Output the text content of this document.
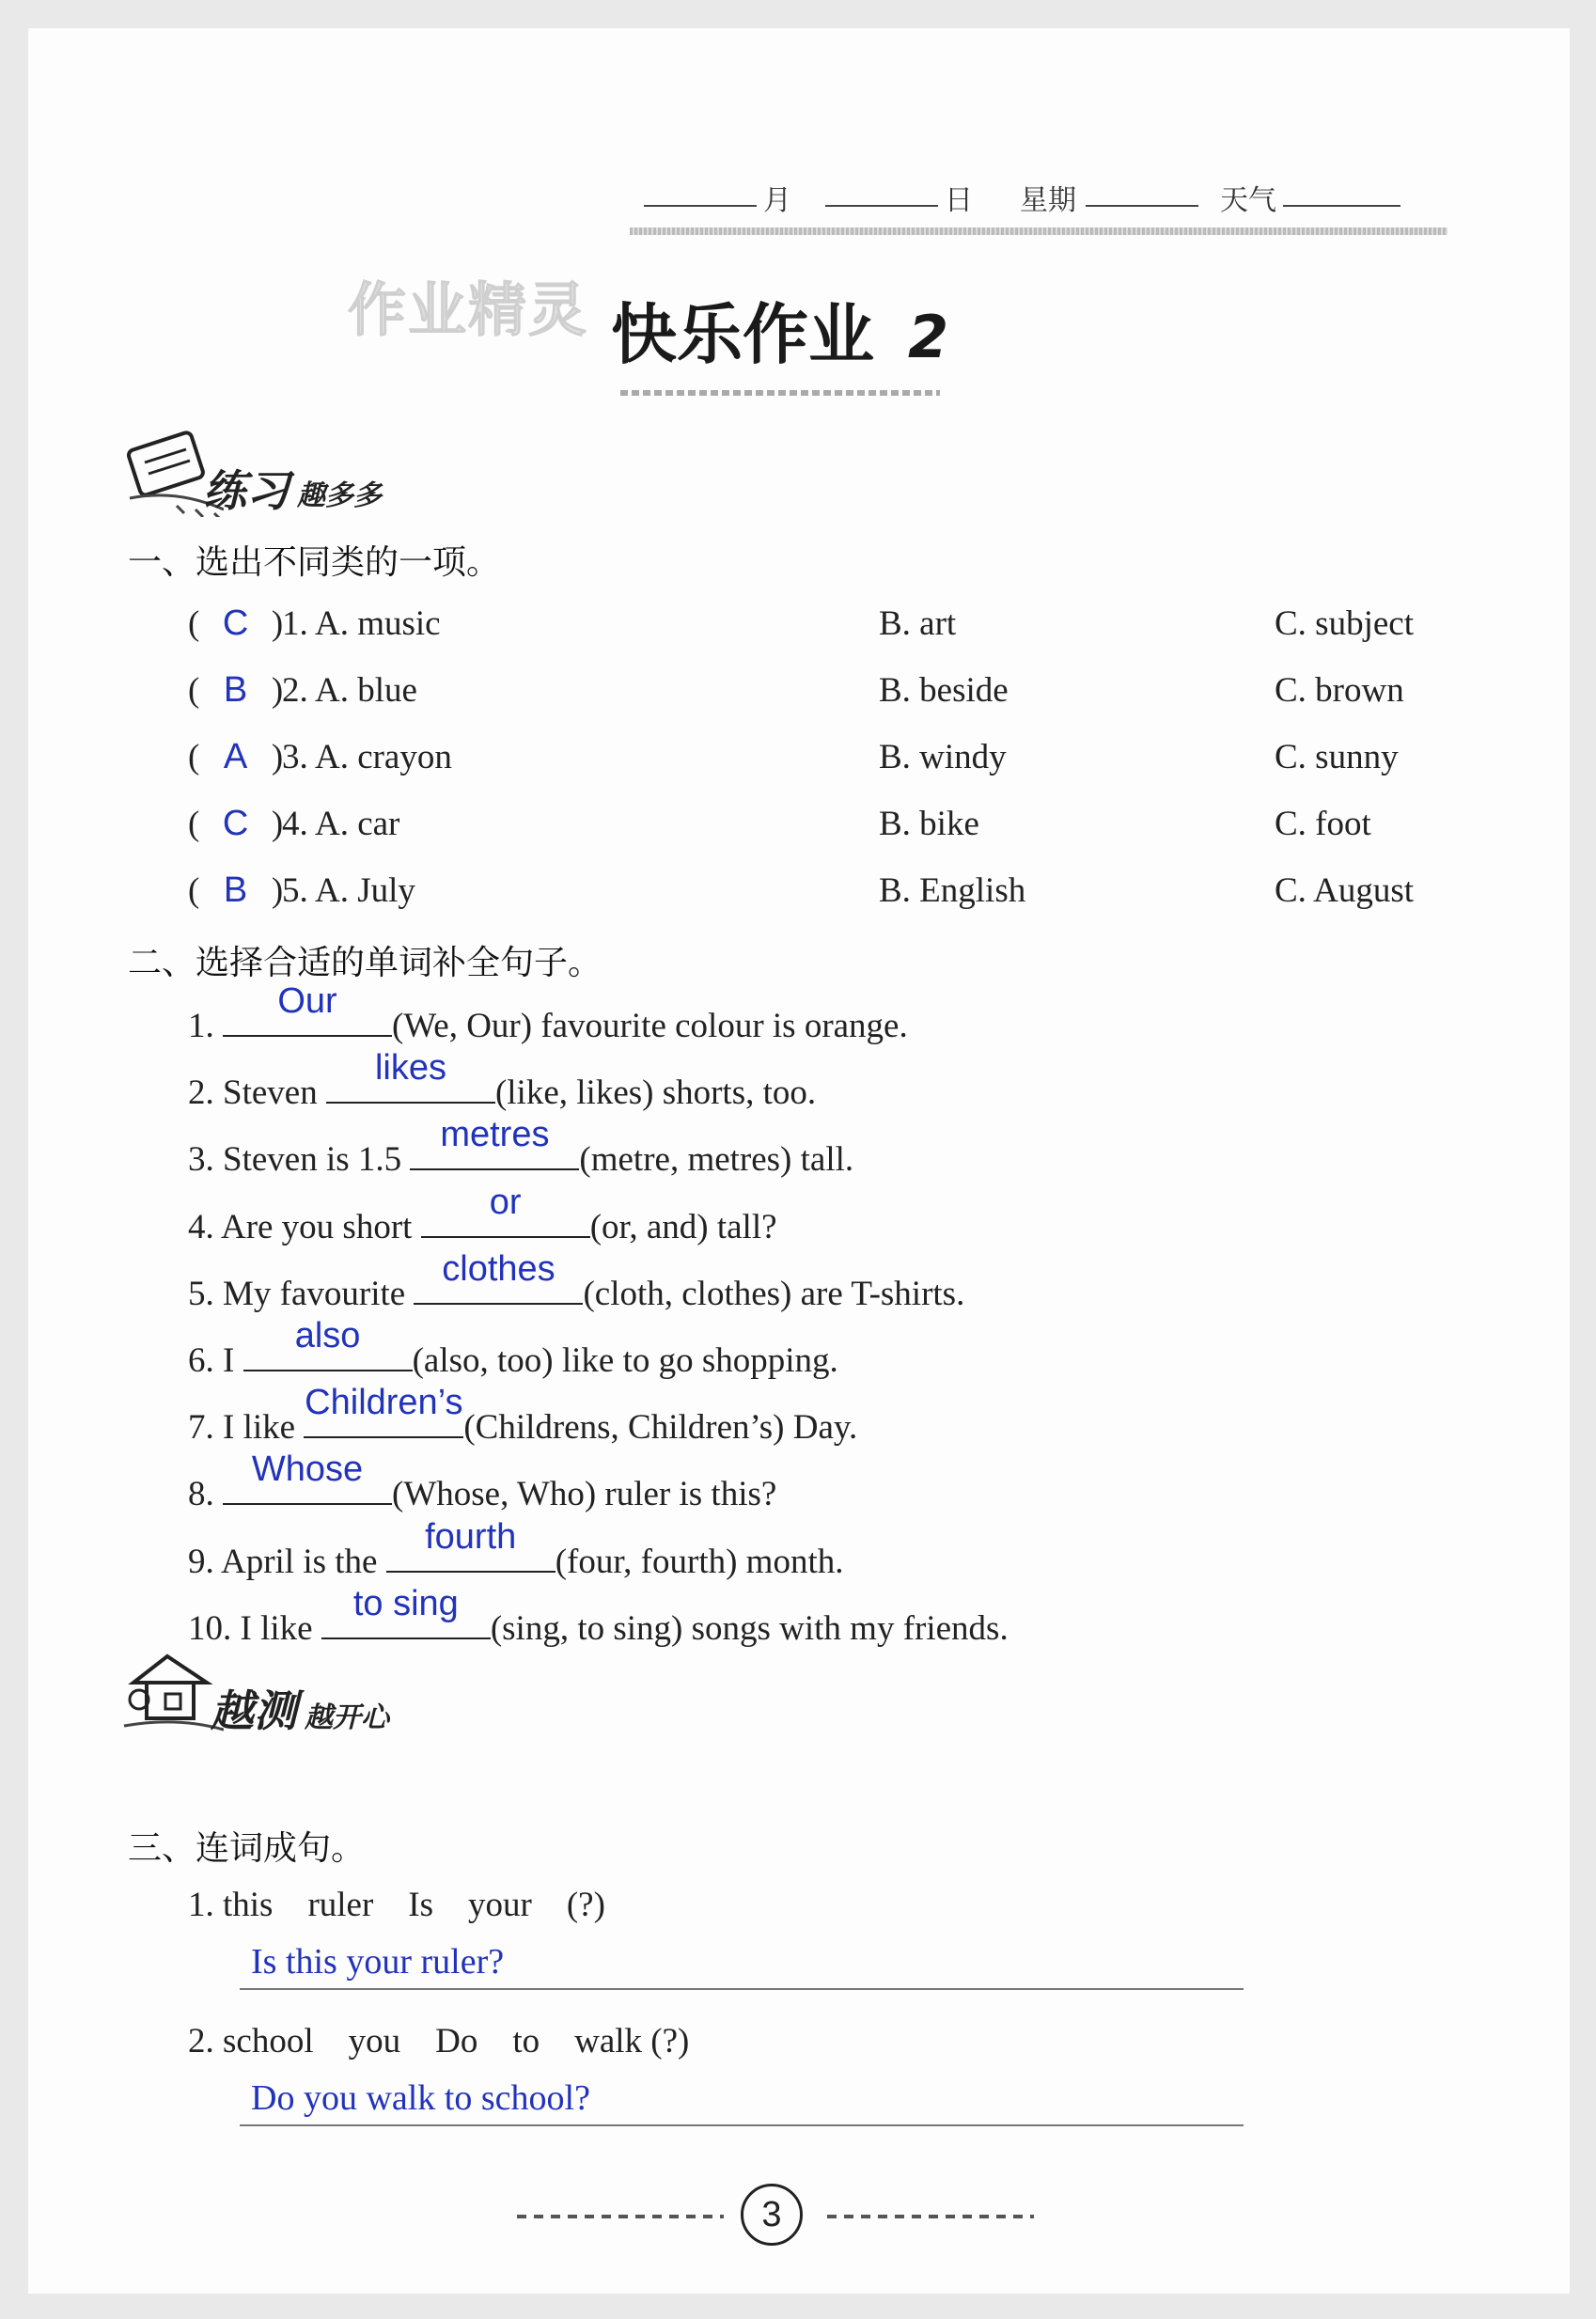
月	日 星期	天气
作业精灵 快乐作业 2
练习 趣多多
一、选出不同类的一项。
( C )1. A. music	B. art	C. subject
( B )2. A. blue	B. beside	C. brown
( A )3. A. crayon	B. windy	C. sunny
( C )4. A. car	B. bike	C. foot
( B )5. A. July	B. English	C. August
二、选择合适的单词补全句子。
1.
Our
(We, Our) favourite colour is orange.
2. Steven
likes
(like, likes) shorts, too.
3. Steven is 1.5
metres
(metre, metres) tall.
4. Are you short
or
(or, and) tall?
5. My favourite
clothes
(cloth, clothes) are T-shirts.
6. I
also
(also, too) like to go shopping.
7. I like
Children’s
(Childrens, Children’s) Day.
8.
Whose
(Whose, Who) ruler is this?
9. April is the
fourth
(four, fourth) month.
10. I like
to sing
(sing, to sing) songs with my friends.
越测 越开心
三、连词成句。
1. this    ruler    Is    your    (?)
Is this your ruler?
2. school    you    Do    to    walk (?)
Do you walk to school?
3
